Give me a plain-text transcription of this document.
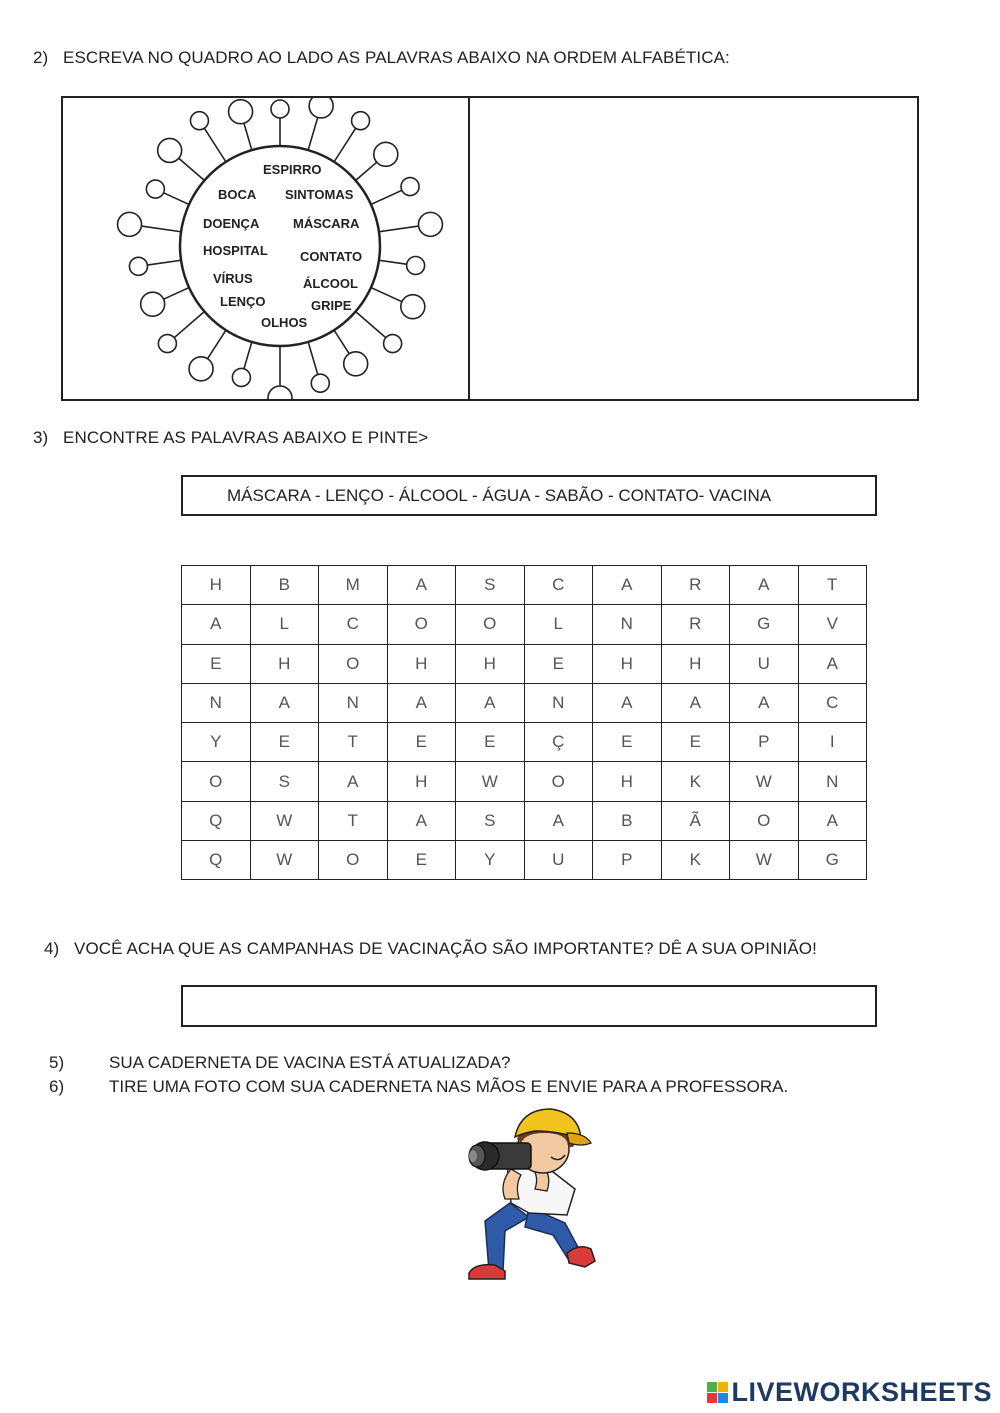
2) ESCREVA NO QUADRO AO LADO AS PALAVRAS ABAIXO NA ORDEM ALFABÉTICA:
ESPIRRO
BOCA SINTOMAS
DOENÇA	MÁSCARA
HOSPITAL CONTATO
VÍRUS	ÁLCOOL
LENÇO	GRIPE
OLHOS
3) ENCONTRE AS PALAVRAS ABAIXO E PINTE>
MÁSCARA - LENÇO - ÁLCOOL - ÁGUA - SABÃO - CONTATO- VACINA
H	B	M	A	S	C	A	R	A	T
A	L	C	O	O	L	N	R	G	V
E	H	O	H	H	E	H	H	U	A
N	A	N	A	A	N	A	A	A	C
Y	E	T	E	E	Ç	E	E	P	I
O	S	A	H	W	O	H	K	W	N
Q	W	T	A	S	A	B	Ã	O	A
Q	W	O	E	Y	U	P	K	W	G
4) VOCÊ ACHA QUE AS CAMPANHAS DE VACINAÇÃO SÃO IMPORTANTE? DÊ A SUA OPINIÃO!
5)	SUA CADERNETA DE VACINA ESTÁ ATUALIZADA?
6)	TIRE UMA FOTO COM SUA CADERNETA NAS MÃOS E ENVIE PARA A PROFESSORA.
LIVEWORKSHEETS
